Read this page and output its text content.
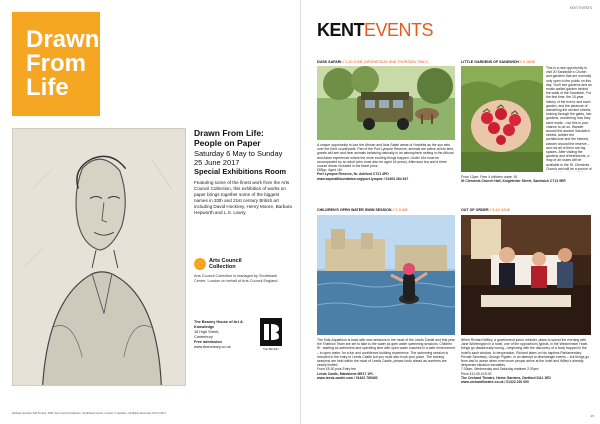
Drawn
From
Life
Drawn From Life: People on Paper
Saturday 6 May to Sunday 25 June 2017
Special Exhibitions Room
Featuring some of the finest work from the Arts Council Collection, this exhibition of works on paper brings together some of the biggest names in 20th and 21st century British art including David Hockney, Henry Moore, Barbara Hepworth and L.S. Lowry.
Arts Council Collection
Arts Council Collection is managed by Southbank Centre, London on behalf of Arts Council England.
The Beaney House of Art & Knowledge
18 High Street,
Canterbury
Free admission
www.thebeaney.co.uk
THE BEANEY
Richard Hamilton Self Portrait, 1990. Arts Council Collection, Southbank Centre, London © Hamilton. All Rights Reserved, DACS 2017
KENT EVENTS
KENTEVENTS
DUSK SAFARI // 1-30 JUNE (WEDNESDAY AND THURSDAY ONLY)
A unique opportunity to tour the African and Asia Safari areas of Howletts as the sun sets over the Kent countryside. Part of the Port Lympne Reserve, animals are active at this time, guests will see and hear animals behaving naturally in an atmospheric setting in the African and Asian experience where the more exciting things happen. Under 16s must be accompanied by an adult (who must also be aged 18 years). Afternoon tea and a three course dinner included in the ticket price.
£85pp. Aged 16+
Port Lympne Reserve, Nr. Ashford CT21 4PD
www.aspinallfoundation.org/port-lympne / 01303 264 647
LITTLE GARDENS OF SANDWICH // 4 JUNE
This is a rare opportunity to visit 20 Sandwich's Church and gardens that are normally only open to the public on this day. You'll see gardens and an exotic walled garden behind the walls of the Sandwich. For the first time, the 15-year history of the event, and each garden, and the pleasure of wandering the ancient streets, looking through the gates, into gardens, wondering how they were made – but this is your chance to do so. Wander around the ancient Sandwich streets, admire the architecture and the interest, wander around the reserve – and not all of them are big spaces. After visiting the gardens and refreshments, a map of all routes will be available to the St. Clements Church and will be a source of
From 12pm. Free 4 children under 16
St Clements Church Hall, Knightrider Street, Sandwich CT13 9ER
CHILDREN'S OPEN WATER SWIM SESSION // 3 JUNE
The Kids-Aquathlon is back with new sessions in the moat of the Leeds Castle and this year the Triathlon Team are set to take to the water at open water swimming sessions. Children 8+, starting as swimmers and spending time with open water coaches in a safe environment – in open water, for a fun and confidence-building experience. The swimming session is included in the entry to Leeds Castle but you must also book your place. The training sessions are held within the moat of Leeds Castle, please book ahead as numbers are strictly limited.
From £5.30 plus Entry fee
Leeds Castle, Maidstone ME17 1PL
www.leeds-castle.com / 01622 765400
OUT OF ORDER // 5-10 JUNE
When Richard Willey, a government junior minister, plans to spend the evening with Jane Worthington in a hotel, one of the opposition's typists, in the Westminster Hotel, things go disastrously wrong – beginning with the discovery of a body trapped in the hotel's sash window. In desperation, Richard takes on his hapless Parliamentary Private Secretary, George Pigden, in an attempt to disentangle events – but things go from bad to worse when even more people arrive at the hotel and Willey's already desperate situation escalates.
7:30pm. Wednesday and Saturday matinee 2:30pm
Price £12.00-£19.00
The Orchard Theatre, Home Gardens, Dartford DA1 1ED
www.orchardtheatre.co.uk / 01322 220 000
25
